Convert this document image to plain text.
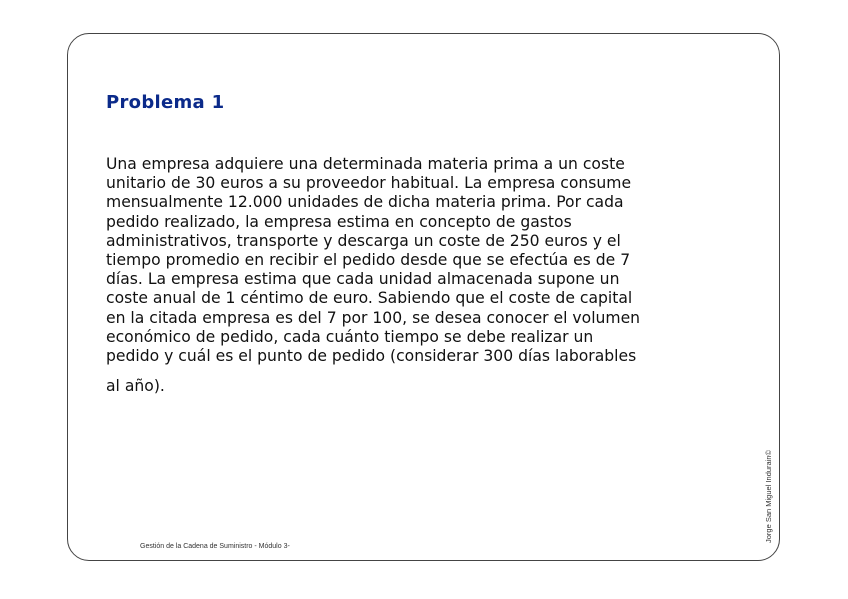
Problema 1

Una empresa adquiere una determinada materia prima a un coste
unitario de 30 euros a su proveedor habitual. La empresa consume
mensualmente 12.000 unidades de dicha materia prima. Por cada
pedido realizado, la empresa estima en concepto de gastos
administrativos, transporte y descarga un coste de 250 euros y el
tiempo promedio en recibir el pedido desde que se efectúa es de 7
días. La empresa estima que cada unidad almacenada supone un
coste anual de 1 céntimo de euro. Sabiendo que el coste de capital
en la citada empresa es del 7 por 100, se desea conocer el volumen
económico de pedido, cada cuánto tiempo se debe realizar un
pedido y cuál es el punto de pedido (considerar 300 días laborables
al año).

Gestión de la Cadena de Suministro - Módulo 3-
Jorge San Miguel Indurain©
